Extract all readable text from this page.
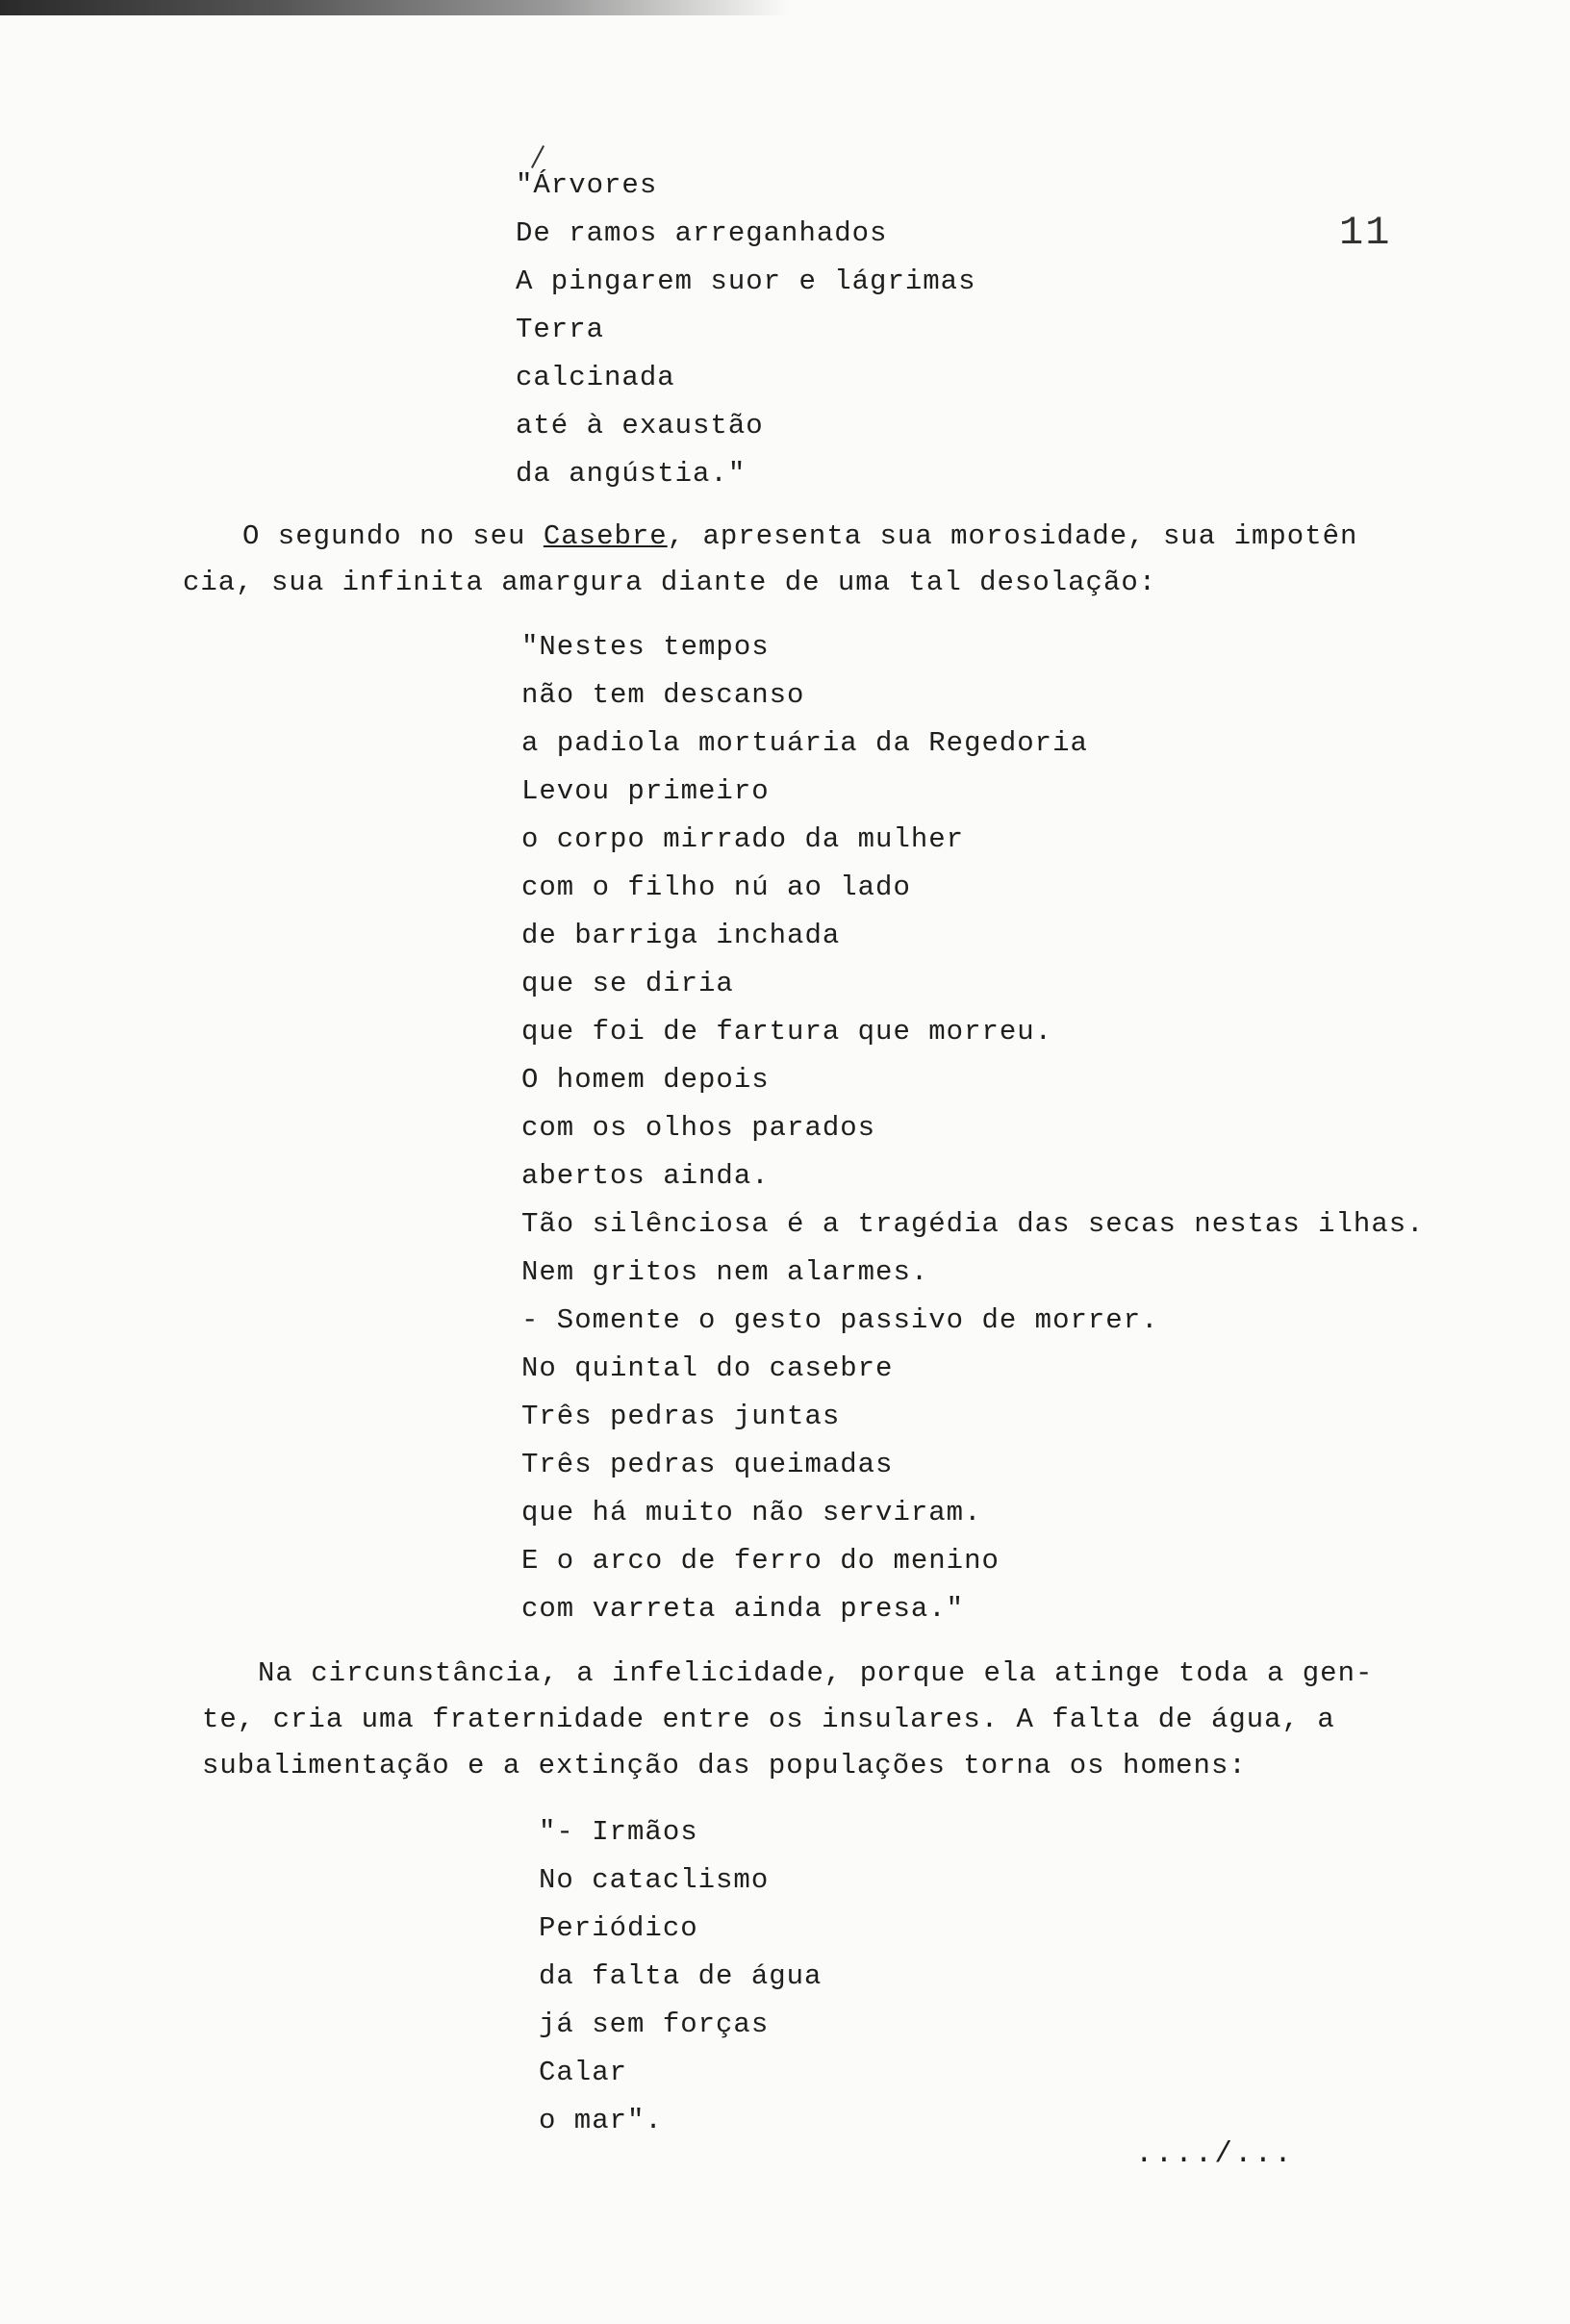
11
"Árvores
De ramos arreganhados
A pingarem suor e lágrimas
Terra
calcinada
até à exaustão
da angústia."
O segundo no seu Casebre, apresenta sua morosidade, sua impotên
cia, sua infinita amargura diante de uma tal desolação:
"Nestes tempos
não tem descanso
a padiola mortuária da Regedoria
Levou primeiro
o corpo mirrado da mulher
com o filho nú ao lado
de barriga inchada
que se diria
que foi de fartura que morreu.
O homem depois
com os olhos parados
abertos ainda.
Tão silênciosa é a tragédia das secas nestas ilhas.
Nem gritos nem alarmes.
- Somente o gesto passivo de morrer.
No quintal do casebre
Três pedras juntas
Três pedras queimadas
que há muito não serviram.
E o arco de ferro do menino
com varreta ainda presa."
Na circunstância, a infelicidade, porque ela atinge toda a gen-
te, cria uma fraternidade entre os insulares. A falta de água, a
subalimentação e a extinção das populações torna os homens:
"- Irmãos
No cataclismo
Periódico
da falta de água
já sem forças
Calar
o mar".
..../...
